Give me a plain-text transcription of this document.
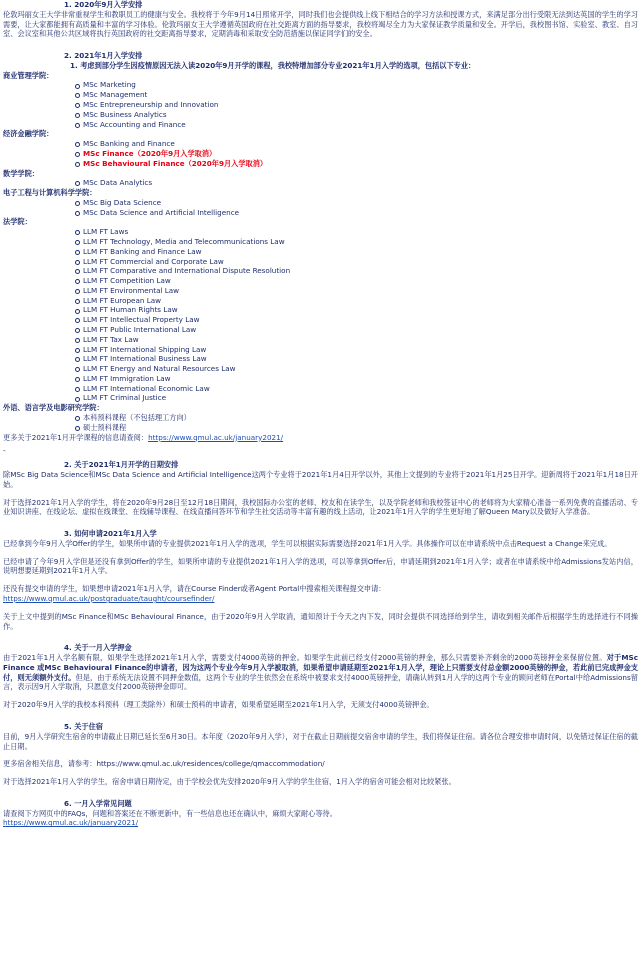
1. 2020年9月入学安排

伦敦玛丽女王大学非常重视学生和教职员工的健康与安全。我校将于今年9月14日照常开学，同时我们也会提供线上线下相结合的学习方法和授课方式，来满足部分出行受限无法到达英国的学生的学习需要，让大家都能拥有高质量和丰富的学习体验。伦敦玛丽女王大学遵循英国政府在社交距离方面的指导要求，我校将竭尽全力为大家保证教学质量和安全。开学后，我校图书馆、实验室、教室、自习室、会议室和其他公共区域将执行英国政府的社交距离指导要求，定期消毒和采取安全防范措施以保证同学们的安全。

2. 2021年1月入学安排

1. 考虑到部分学生因疫情原因无法入读2020年9月开学的课程，我校特增加部分专业2021年1月入学的选项，包括以下专业：

商业管理学院：

MSc Marketing
MSc Management
MSc Entrepreneurship and Innovation
MSc Business Analytics
MSc Accounting and Finance

经济金融学院：

MSc Banking and Finance
MSc Finance（2020年9月入学取消）
MSc Behavioural Finance（2020年9月入学取消）

数学学院：

MSc Data Analytics

电子工程与计算机科学学院：

MSc Big Data Science
MSc Data Science and Artificial Intelligence

法学院：

LLM FT Laws
LLM FT Technology, Media and Telecommunications Law
LLM FT Banking and Finance Law
LLM FT Commercial and Corporate Law
LLM FT Comparative and International Dispute Resolution
LLM FT Competition Law
LLM FT Environmental Law
LLM FT European Law
LLM FT Human Rights Law
LLM FT Intellectual Property Law
LLM FT Public International Law
LLM FT Tax Law
LLM FT International Shipping Law
LLM FT International Business Law
LLM FT Energy and Natural Resources Law
LLM FT Immigration Law
LLM FT International Economic Law
LLM FT Criminal Justice

外语、语言学及电影研究学院：

本科预科课程（不包括理工方向）
硕士预科课程

更多关于2021年1月开学课程的信息请查阅：https://www.qmul.ac.uk/january2021/

-

2. 关于2021年1月开学的日期安排

除MSc Big Data Science和MSc Data Science and Artificial Intelligence这两个专业将于2021年1月4日开学以外，其他上文提到的专业将于2021年1月25日开学。迎新周将于2021年1月18日开始。

对于选择2021年1月入学的学生，将在2020年9月28日至12月18日期间，我校国际办公室的老师、校友和在读学生，以及学院老师和我校签证中心的老师将为大家精心准备一系列免费的直播活动、专业知识讲座、在线论坛、虚拟在线课堂、在线辅导课程、在线直播问答环节和学生社交活动等丰富有趣的线上活动，让2021年1月入学的学生更好地了解Queen Mary以及做好入学准备。

3. 如何申请2021年1月入学

已经拿到今年9月入学Offer的学生，如果所申请的专业提供2021年1月入学的选项，学生可以根据实际需要选择2021年1月入学。具体操作可以在申请系统中点击Request a Change来完成。

已经申请了今年9月入学但是还没有拿到Offer的学生，如果所申请的专业提供2021年1月入学的选项，可以等拿到Offer后，申请延期到2021年1月入学；或者在申请系统中给Admissions发站内信，说明想要延期到2021年1月入学。

还没有提交申请的学生，如果想申请2021年1月入学，请在Course Finder或者Agent Portal中搜索相关课程提交申请：

https://www.qmul.ac.uk/postgraduate/taught/coursefinder/

关于上文中提到的MSc Finance和MSc Behavioural Finance，由于2020年9月入学取消，通知预计于今天之内下发，同时会提供不同选择给到学生，请收到相关邮件后根据学生的选择进行不同操作。

4. 关于一月入学押金

由于2021年1月入学名额有限，如果学生选择2021年1月入学，需要支付4000英镑的押金。如果学生此前已经支付2000英镑的押金，那么只需要补齐剩余的2000英镑押金来保留位置。对于MSc Finance 或MSc Behavioural Finance的申请者，因为这两个专业今年9月入学被取消，如果希望申请延期至2021年1月入学，理论上只需要支付总金额2000英镑的押金，若此前已完成押金支付，则无须额外支付。但是，由于系统无法设置不同押金数值，这两个专业的学生依然会在系统中被要求支付4000英镑押金，请确认转到1月入学的这两个专业的顾问老师在Portal中给Admissions留言，表示因9月入学取消，只愿意支付2000英镑押金即可。

对于2020年9月入学的我校本科预科（理工类除外）和硕士预科的申请者，如果希望延期至2021年1月入学，无须支付4000英镑押金。

5. 关于住宿

目前，9月入学研究生宿舍的申请截止日期已延长至6月30日。本年度（2020年9月入学），对于在截止日期前提交宿舍申请的学生，我们将保证住宿。请各位合理安排申请时间，以免错过保证住宿的截止日期。

更多宿舍相关信息，请参考：https://www.qmul.ac.uk/residences/college/qmaccommodation/

对于选择2021年1月入学的学生，宿舍申请日期待定，由于学校会优先安排2020年9月入学的学生住宿，1月入学的宿舍可能会相对比较紧张。

6. 一月入学常见问题

请查阅下方网页中的FAQs，问题和答案还在不断更新中，有一些信息也还在确认中，麻烦大家耐心等待。

https://www.qmul.ac.uk/january2021/
